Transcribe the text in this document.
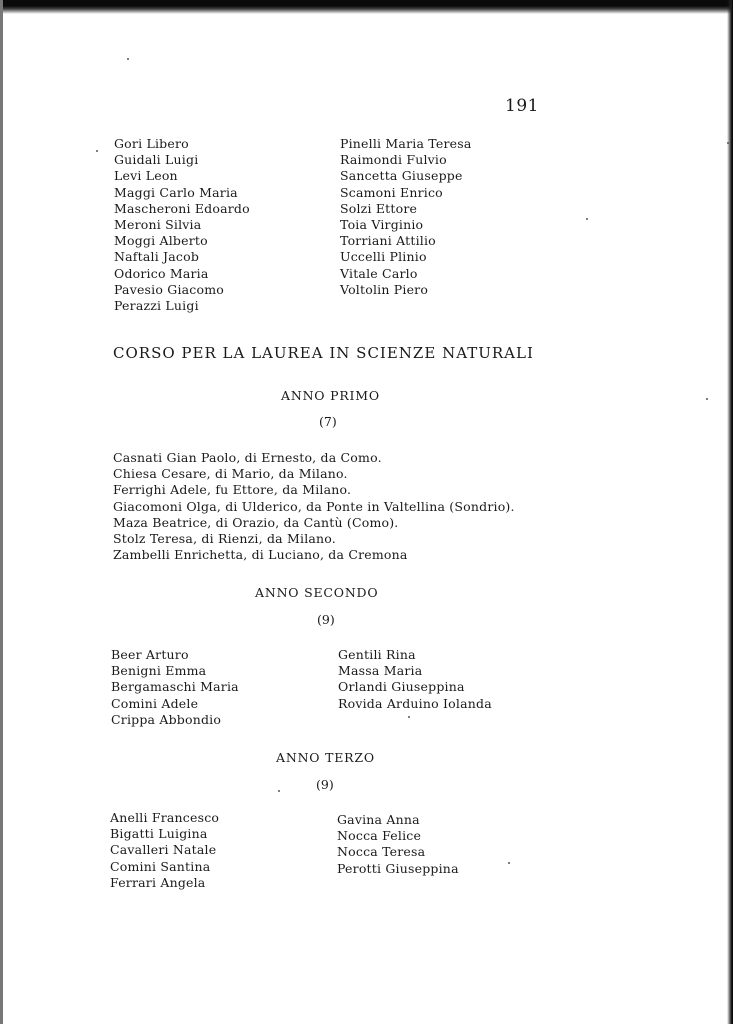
191
Gori Libero
Guidali Luigi
Levi Leon
Maggi Carlo Maria
Mascheroni Edoardo
Meroni Silvia
Moggi Alberto
Naftali Jacob
Odorico Maria
Pavesio Giacomo
Perazzi Luigi
Pinelli Maria Teresa
Raimondi Fulvio
Sancetta Giuseppe
Scamoni Enrico
Solzi Ettore
Toia Virginio
Torriani Attilio
Uccelli Plinio
Vitale Carlo
Voltolin Piero
CORSO PER LA LAUREA IN SCIENZE NATURALI
ANNO PRIMO
(7)
Casnati Gian Paolo, di Ernesto, da Como.
Chiesa Cesare, di Mario, da Milano.
Ferrighi Adele, fu Ettore, da Milano.
Giacomoni Olga, di Ulderico, da Ponte in Valtellina (Sondrio).
Maza Beatrice, di Orazio, da Cantù (Como).
Stolz Teresa, di Rienzi, da Milano.
Zambelli Enrichetta, di Luciano, da Cremona
ANNO SECONDO
(9)
Beer Arturo
Benigni Emma
Bergamaschi Maria
Comini Adele
Crippa Abbondio
Gentili Rina
Massa Maria
Orlandi Giuseppina
Rovida Arduino Iolanda
ANNO TERZO
(9)
Anelli Francesco
Bigatti Luigina
Cavalleri Natale
Comini Santina
Ferrari Angela
Gavina Anna
Nocca Felice
Nocca Teresa
Perotti Giuseppina
